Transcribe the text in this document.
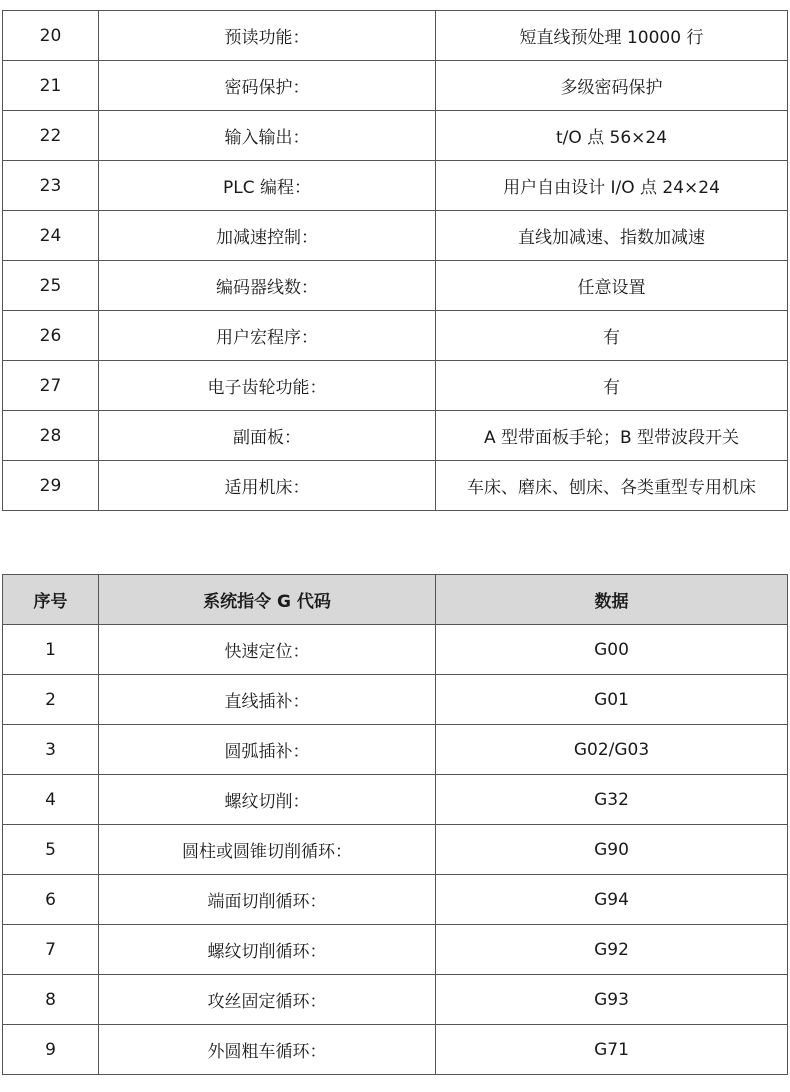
20	预读功能：	短直线预处理 10000 行
21	密码保护：	多级密码保护
22	输入输出：	t/O 点 56×24
23	PLC 编程：	用户自由设计 I/O 点 24×24
24	加减速控制：	直线加减速、指数加减速
25	编码器线数：	任意设置
26	用户宏程序：	有
27	电子齿轮功能：	有
28	副面板：	A 型带面板手轮；B 型带波段开关
29	适用机床：	车床、磨床、刨床、各类重型专用机床
序号	系统指令 G 代码	数据
1	快速定位：	G00
2	直线插补：	G01
3	圆弧插补：	G02/G03
4	螺纹切削：	G32
5	圆柱或圆锥切削循环：	G90
6	端面切削循环：	G94
7	螺纹切削循环：	G92
8	攻丝固定循环：	G93
9	外圆粗车循环：	G71
